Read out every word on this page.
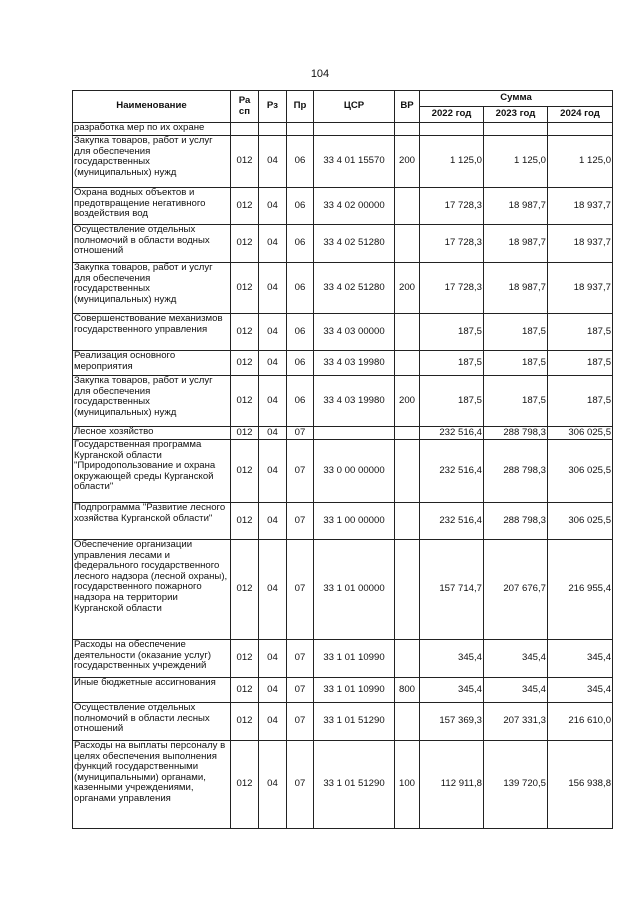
104
Наименование	Ра сп	Рз	Пр	ЦСР	ВР	Сумма		
						2022 год	2023 год	2024 год
разработка мер по их охране								
Закупка товаров, работ и услуг для обеспечения государственных (муниципальных) нужд	012	04	06	33 4 01 15570	200	1 125,0	1 125,0	1 125,0
Охрана водных объектов и предотвращение негативного воздействия вод	012	04	06	33 4 02 00000		17 728,3	18 987,7	18 937,7
Осуществление отдельных полномочий в области водных отношений	012	04	06	33 4 02 51280		17 728,3	18 987,7	18 937,7
Закупка товаров, работ и услуг для обеспечения государственных (муниципальных) нужд	012	04	06	33 4 02 51280	200	17 728,3	18 987,7	18 937,7
Совершенствование механизмов государственного управления	012	04	06	33 4 03 00000		187,5	187,5	187,5
Реализация основного мероприятия	012	04	06	33 4 03 19980		187,5	187,5	187,5
Закупка товаров, работ и услуг для обеспечения государственных (муниципальных) нужд	012	04	06	33 4 03 19980	200	187,5	187,5	187,5
Лесное хозяйство	012	04	07			232 516,4	288 798,3	306 025,5
Государственная программа Курганской области "Природопользование и охрана окружающей среды Курганской области"	012	04	07	33 0 00 00000		232 516,4	288 798,3	306 025,5
Подпрограмма "Развитие лесного хозяйства Курганской области"	012	04	07	33 1 00 00000		232 516,4	288 798,3	306 025,5
Обеспечение организации управления лесами и федерального государственного лесного надзора (лесной охраны), государственного пожарного надзора на территории Курганской области	012	04	07	33 1 01 00000		157 714,7	207 676,7	216 955,4
Расходы на обеспечение деятельности (оказание услуг) государственных учреждений	012	04	07	33 1 01 10990		345,4	345,4	345,4
Иные бюджетные ассигнования	012	04	07	33 1 01 10990	800	345,4	345,4	345,4
Осуществление отдельных полномочий в области лесных отношений	012	04	07	33 1 01 51290		157 369,3	207 331,3	216 610,0
Расходы на выплаты персоналу в целях обеспечения выполнения функций государственными (муниципальными) органами, казенными учреждениями, органами управления	012	04	07	33 1 01 51290	100	112 911,8	139 720,5	156 938,8
